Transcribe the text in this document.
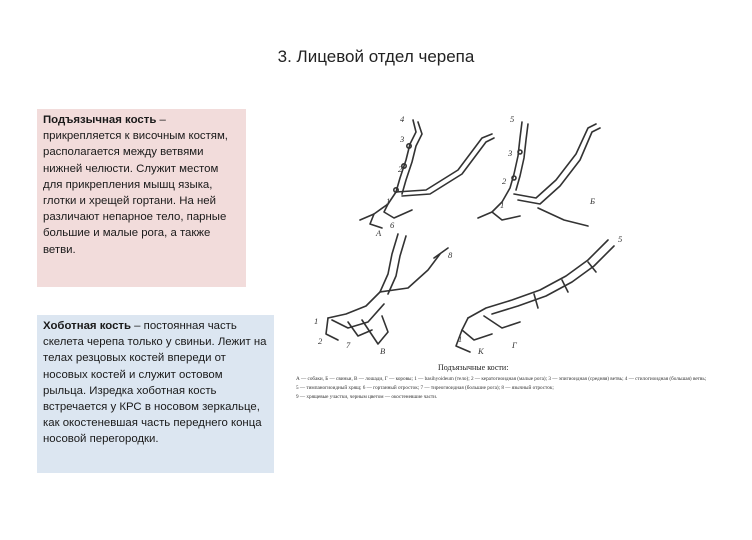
3. Лицевой отдел черепа
Подъязычная кость – прикрепляется к височным костям, располагается между ветвями нижней челюсти. Служит местом для прикрепления мышц языка, глотки и хрещей гортани. На ней различают непарное тело, парные большие и малые рога, а также ветви.
Хоботная кость – постоянная часть скелета черепа только у свиньи. Лежит на телах резцовых костей впереди от носовых костей и служит остовом рыльца. Изредка хоботная кость встречается у КРС в носовом зеркальце, как окостеневшая часть переднего конца носовой перегородки.
4
3
2
1
А
5
3
2
1	Б
6
1
2	7
В
8
5
1
К
Г
Подъязычные кости:
А — собаки, Б — свиньи, В — лошади, Г — коровы; 1 — basihyoideum (тело); 2 — кератогиоидная (малые рога); 3 — эпигиоидная (средняя) ветвь; 4 — стилогиоидная (большая) ветвь;
5 — тимпаногиоидный хрящ; 6 — гортанный отросток; 7 — тиреогиоидная (большие рога); 8 — язычный отросток;
9 — хрящевые участки, черным цветом — окостеневшие части.
